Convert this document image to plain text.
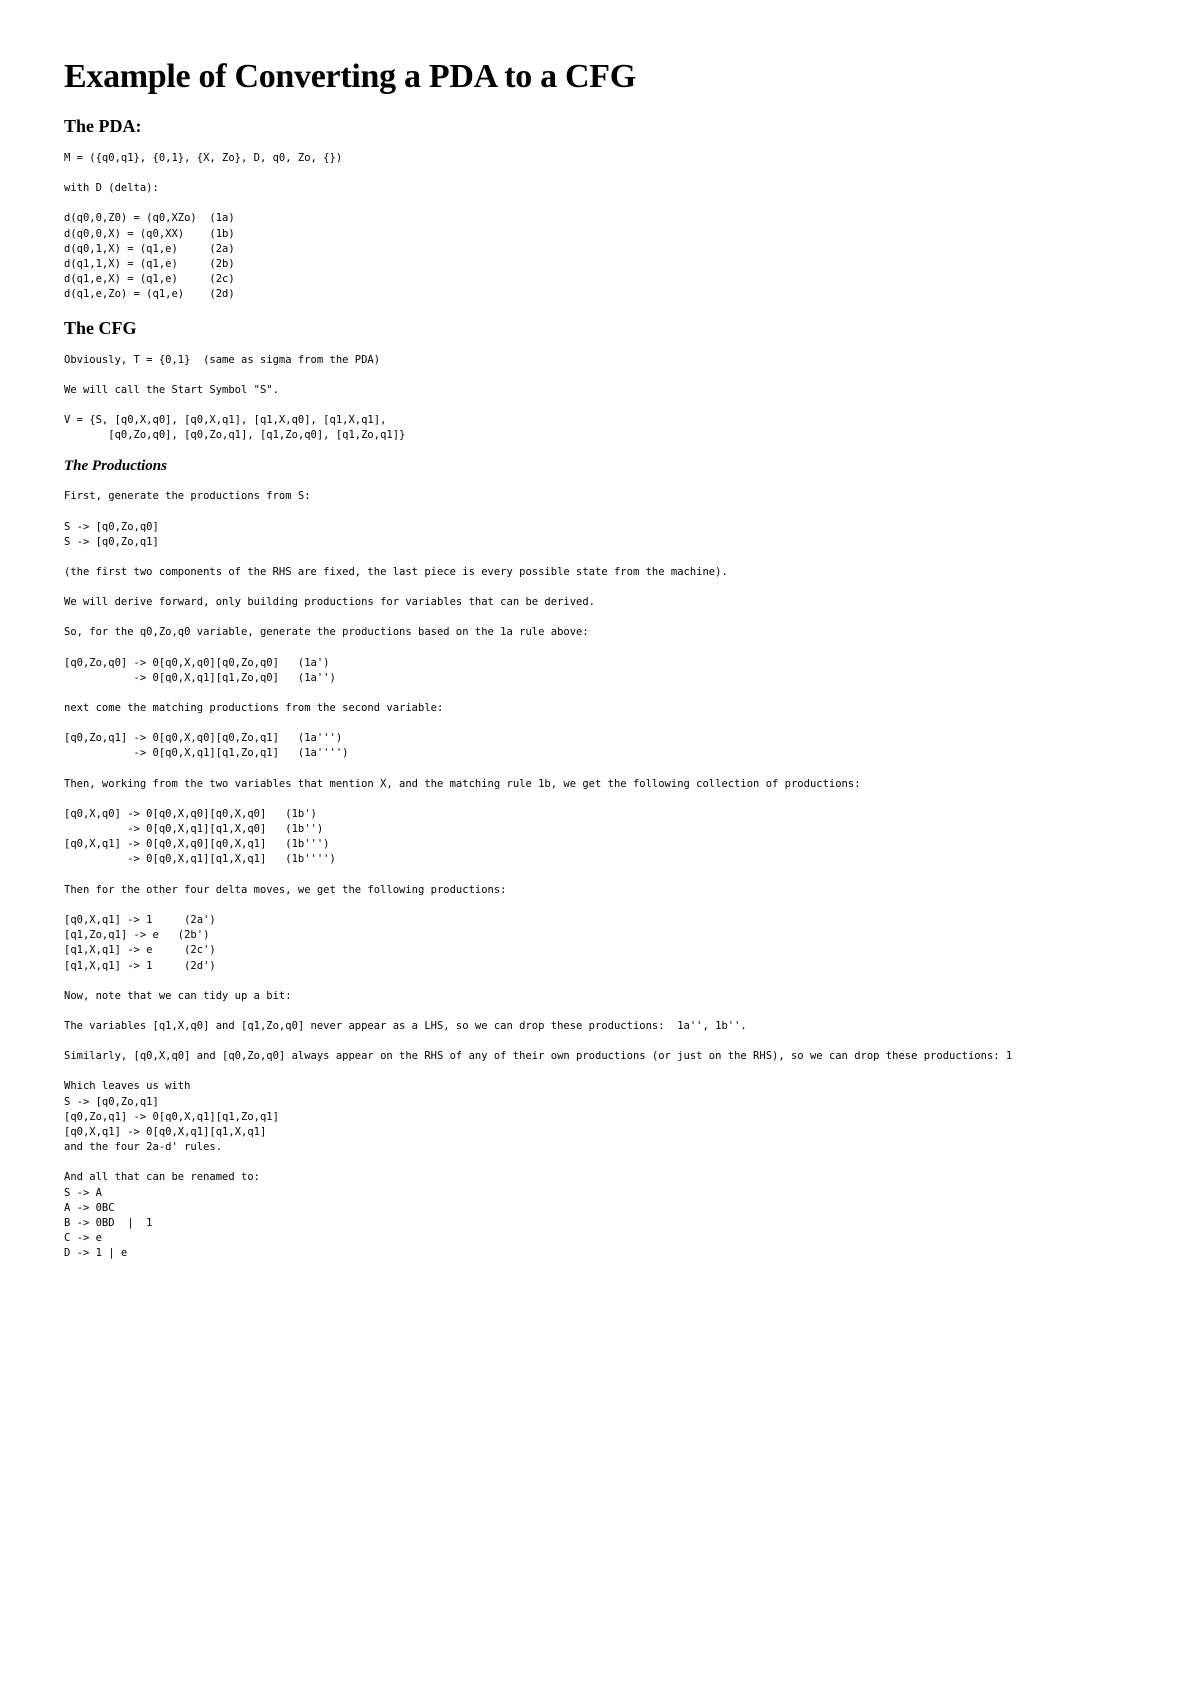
Example of Converting a PDA to a CFG
The PDA:
M = ({q0,q1}, {0,1}, {X, Zo}, D, q0, Zo, {})
with D (delta):
d(q0,0,Z0) = (q0,XZo)  (1a)
d(q0,0,X) = (q0,XX)    (1b)
d(q0,1,X) = (q1,e)     (2a)
d(q1,1,X) = (q1,e)     (2b)
d(q1,e,X) = (q1,e)     (2c)
d(q1,e,Zo) = (q1,e)    (2d)
The CFG
Obviously, T = {0,1}  (same as sigma from the PDA)
We will call the Start Symbol "S".
V = {S, [q0,X,q0], [q0,X,q1], [q1,X,q0], [q1,X,q1],
[q0,Zo,q0], [q0,Zo,q1], [q1,Zo,q0], [q1,Zo,q1]}
The Productions
First, generate the productions from S:
S -> [q0,Zo,q0]
S -> [q0,Zo,q1]
(the first two components of the RHS are fixed, the last piece is every possible state from the machine).
We will derive forward, only building productions for variables that can be derived.
So, for the q0,Zo,q0 variable, generate the productions based on the 1a rule above:
[q0,Zo,q0] -> 0[q0,X,q0][q0,Zo,q0]   (1a')
-> 0[q0,X,q1][q1,Zo,q0]   (1a'')
next come the matching productions from the second variable:
[q0,Zo,q1] -> 0[q0,X,q0][q0,Zo,q1]   (1a''')
-> 0[q0,X,q1][q1,Zo,q1]   (1a'''')
Then, working from the two variables that mention X, and the matching rule 1b, we get the following collection of productions:
[q0,X,q0] -> 0[q0,X,q0][q0,X,q0]   (1b')
-> 0[q0,X,q1][q1,X,q0]   (1b'')
[q0,X,q1] -> 0[q0,X,q0][q0,X,q1]   (1b''')
-> 0[q0,X,q1][q1,X,q1]   (1b'''')
Then for the other four delta moves, we get the following productions:
[q0,X,q1] -> 1     (2a')
[q1,Zo,q1] -> e   (2b')
[q1,X,q1] -> e     (2c')
[q1,X,q1] -> 1     (2d')
Now, note that we can tidy up a bit:
The variables [q1,X,q0] and [q1,Zo,q0] never appear as a LHS, so we can drop these productions:  1a'', 1b''.
Similarly, [q0,X,q0] and [q0,Zo,q0] always appear on the RHS of any of their own productions (or just on the RHS), so we can drop these productions: 1
Which leaves us with
S -> [q0,Zo,q1]
[q0,Zo,q1] -> 0[q0,X,q1][q1,Zo,q1]
[q0,X,q1] -> 0[q0,X,q1][q1,X,q1]
and the four 2a-d' rules.
And all that can be renamed to:
S -> A
A -> 0BC
B -> 0BD  |  1
C -> e
D -> 1 | e
